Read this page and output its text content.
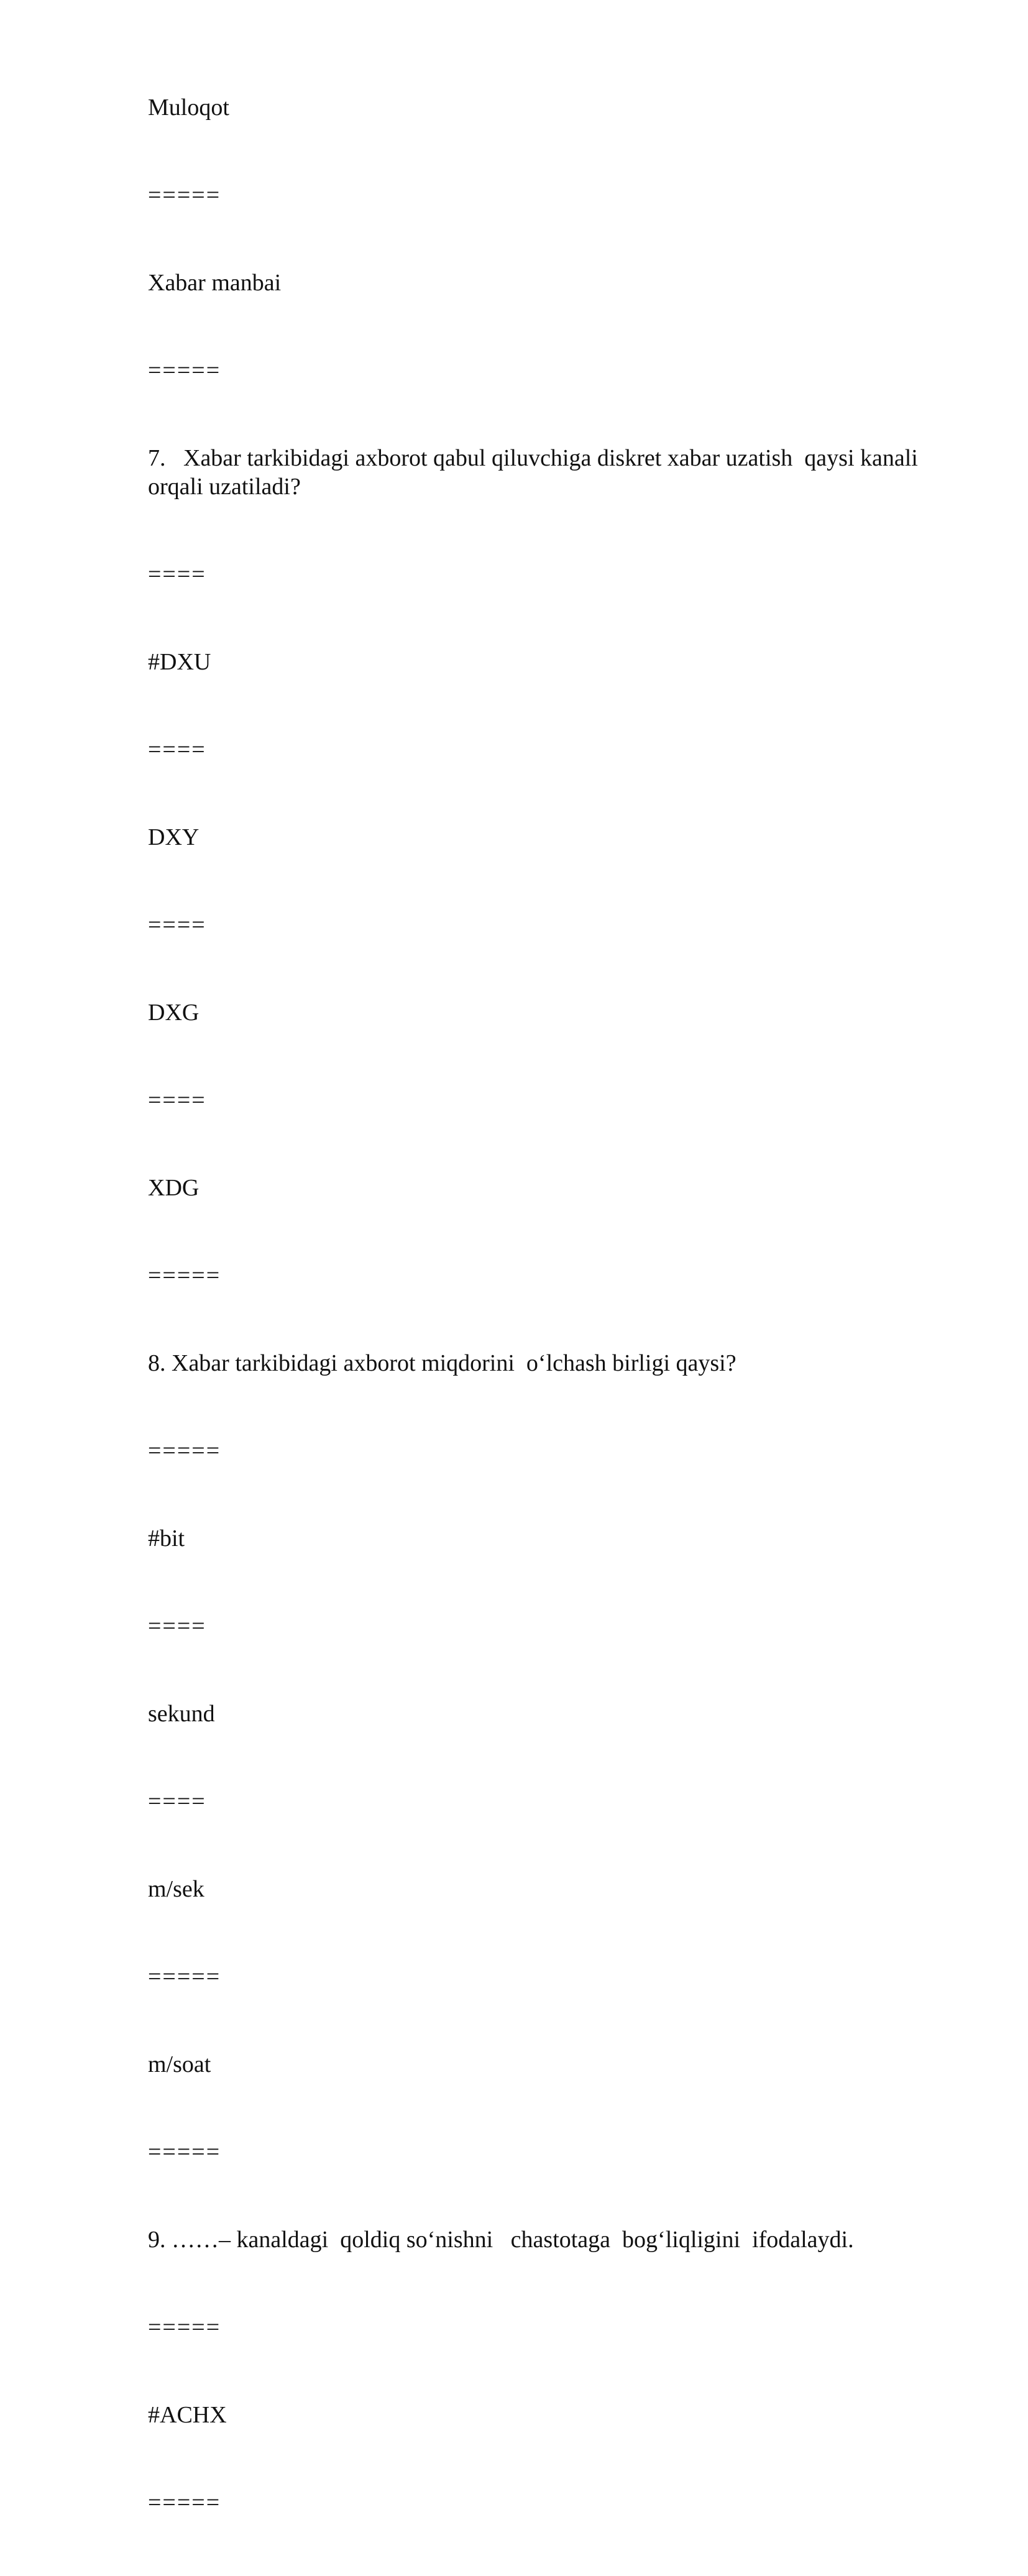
Muloqot

=====

Xabar manbai

=====

7.   Xabar tarkibidagi axborot qabul qiluvchiga diskret xabar uzatish  qaysi kanali orqali uzatiladi?

====

#DXU

====

DXY

====

DXG

====

XDG

=====

8. Xabar tarkibidagi axborot miqdorini  o‘lchash birligi qaysi?

=====

#bit

====

sekund

====

m/sek

=====

m/soat

=====

9. ……– kanaldagi  qoldiq so‘nishni   chastotaga  bog‘liqligini  ifodalaydi.

=====

#ACHX

=====
